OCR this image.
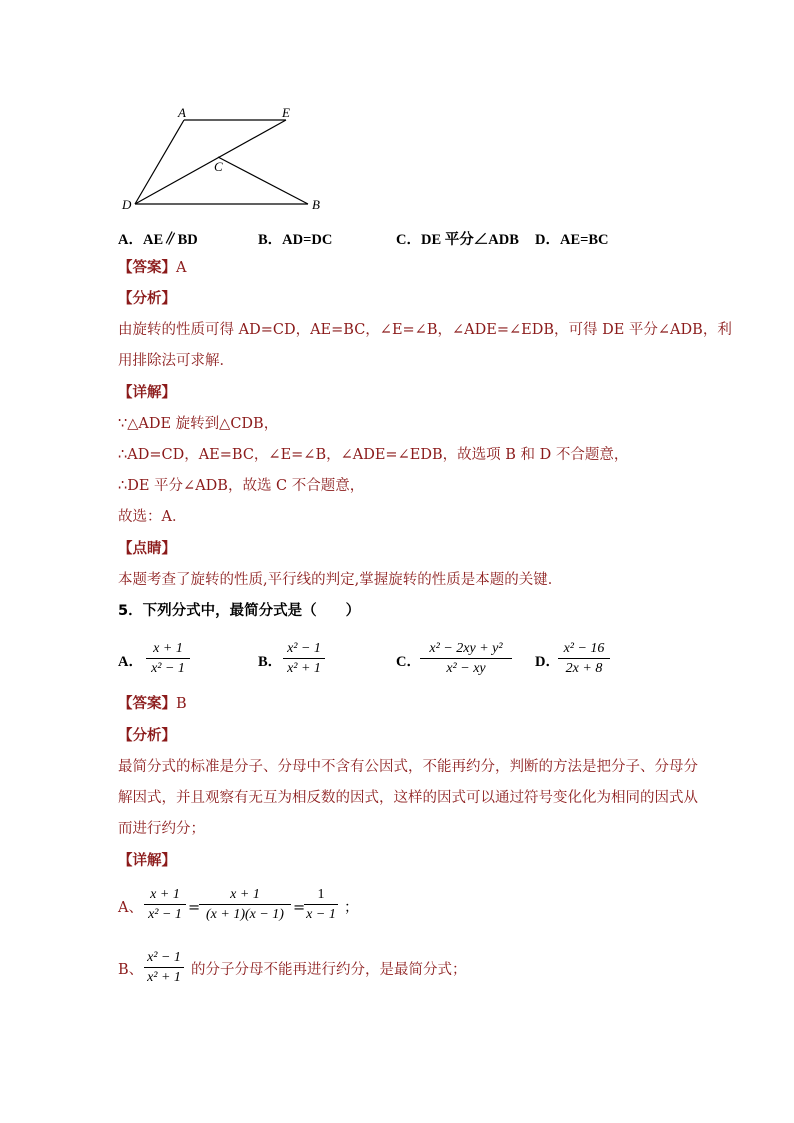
A	E
C
D	B
A．AE∥BD	B．AD=DC	C．DE 平分∠ADB D．AE=BC
【答案】A
【分析】
由旋转的性质可得 AD=CD，AE=BC，∠E=∠B，∠ADE=∠EDB，可得 DE 平分∠ADB，利
用排除法可求解．
【详解】
∵△ADE 旋转到△CDB，
∴AD=CD，AE=BC，∠E=∠B，∠ADE=∠EDB，故选项 B 和 D 不合题意，
∴DE 平分∠ADB，故选 C 不合题意，
故选：A．
【点睛】
本题考查了旋转的性质,平行线的判定,掌握旋转的性质是本题的关键．
5．下列分式中，最简分式是（　　）
A．
x + 1
x² − 1	B．
x² − 1
x² + 1	C．
x² − 2xy + y²
x² − xy	D．
x² − 16
2x + 8
【答案】B
【分析】
最简分式的标准是分子、分母中不含有公因式，不能再约分，判断的方法是把分子、分母分
解因式，并且观察有无互为相反数的因式，这样的因式可以通过符号变化化为相同的因式从
而进行约分；
【详解】
A、
x + 1
x² − 1 =
x + 1
(x + 1)(x − 1) =
1
x − 1 ；
B、
x² − 1
x² + 1 的分子分母不能再进行约分，是最简分式；
